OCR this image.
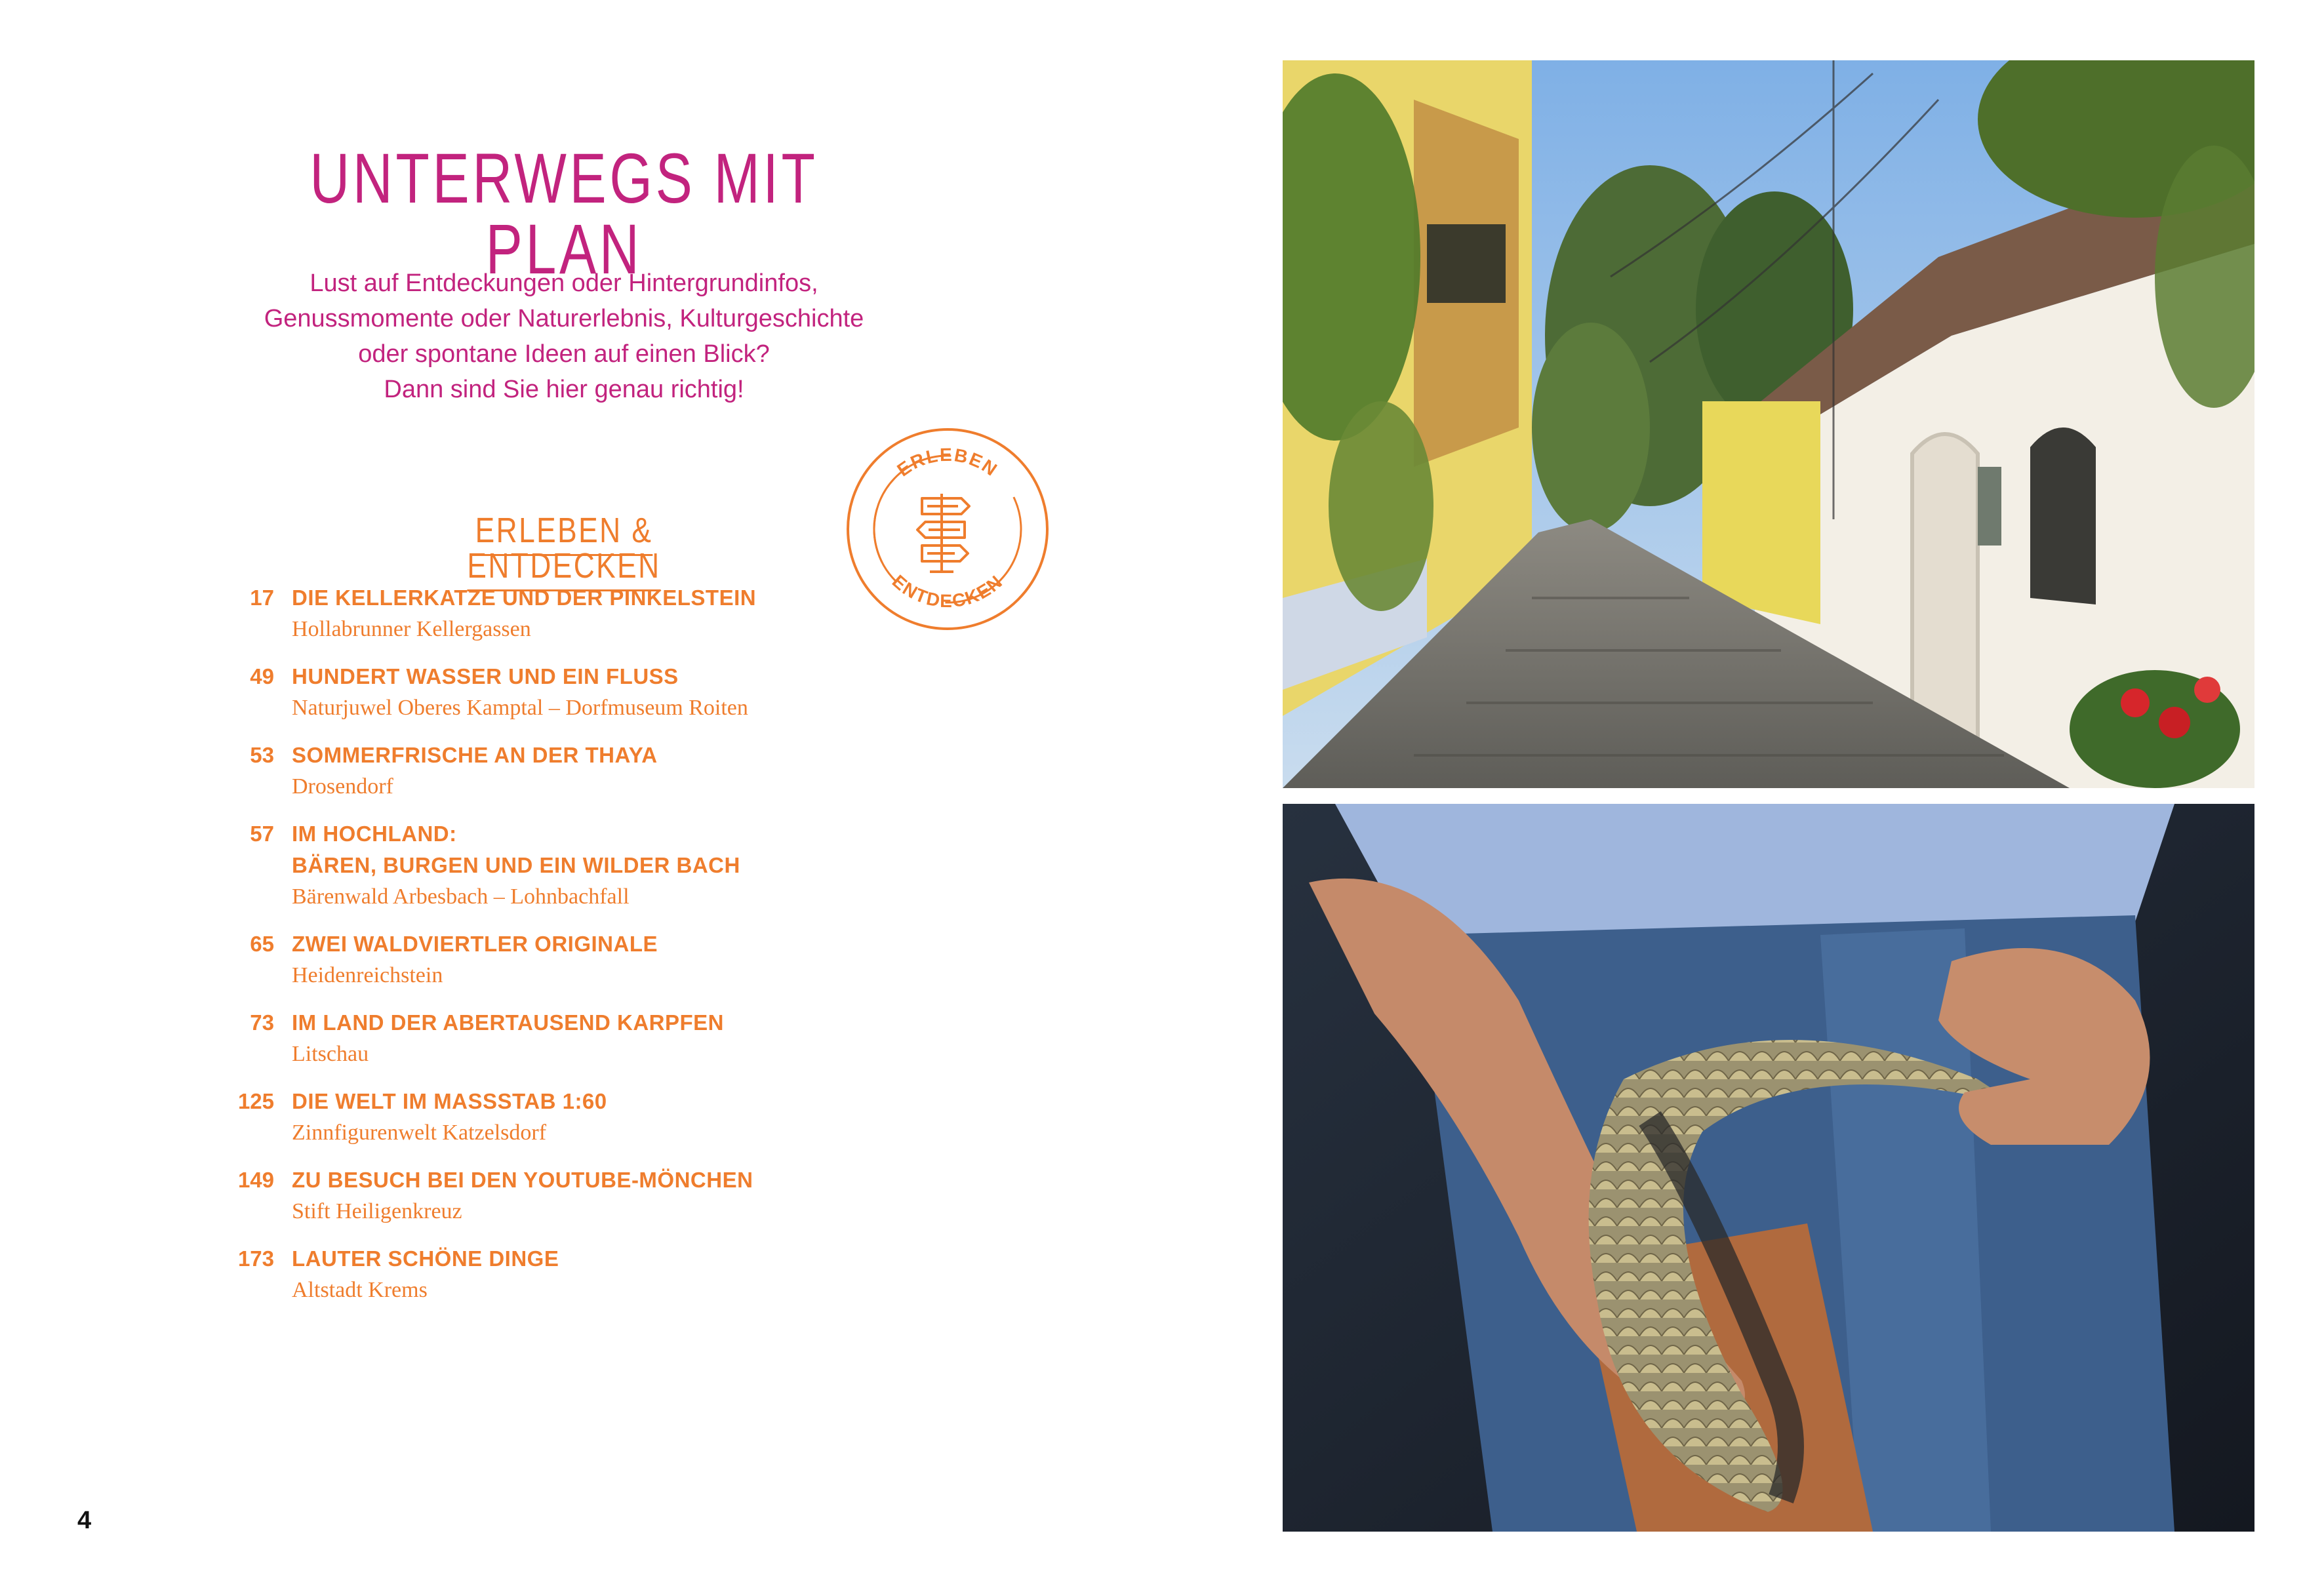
UNTERWEGS MIT PLAN
Lust auf Entdeckungen oder Hintergrundinfos,
Genussmomente oder Naturerlebnis, Kulturgeschichte
oder spontane Ideen auf einen Blick?
Dann sind Sie hier genau richtig!
ERLEBEN & ENTDECKEN
ERLEBEN
ENTDECKEN
17 DIE KELLERKATZE UND DER PINKELSTEIN
Hollabrunner Kellergassen
49 HUNDERT WASSER UND EIN FLUSS
Naturjuwel Oberes Kamptal – Dorfmuseum Roiten
53 SOMMERFRISCHE AN DER THAYA
Drosendorf
57 IM HOCHLAND:
BÄREN, BURGEN UND EIN WILDER BACH
Bärenwald Arbesbach – Lohnbachfall
65 ZWEI WALDVIERTLER ORIGINALE
Heidenreichstein
73 IM LAND DER ABERTAUSEND KARPFEN
Litschau
125 DIE WELT IM MASSSTAB 1:60
Zinnfigurenwelt Katzelsdorf
149 ZU BESUCH BEI DEN YOUTUBE-MÖNCHEN
Stift Heiligenkreuz
173 LAUTER SCHÖNE DINGE
Altstadt Krems
4
